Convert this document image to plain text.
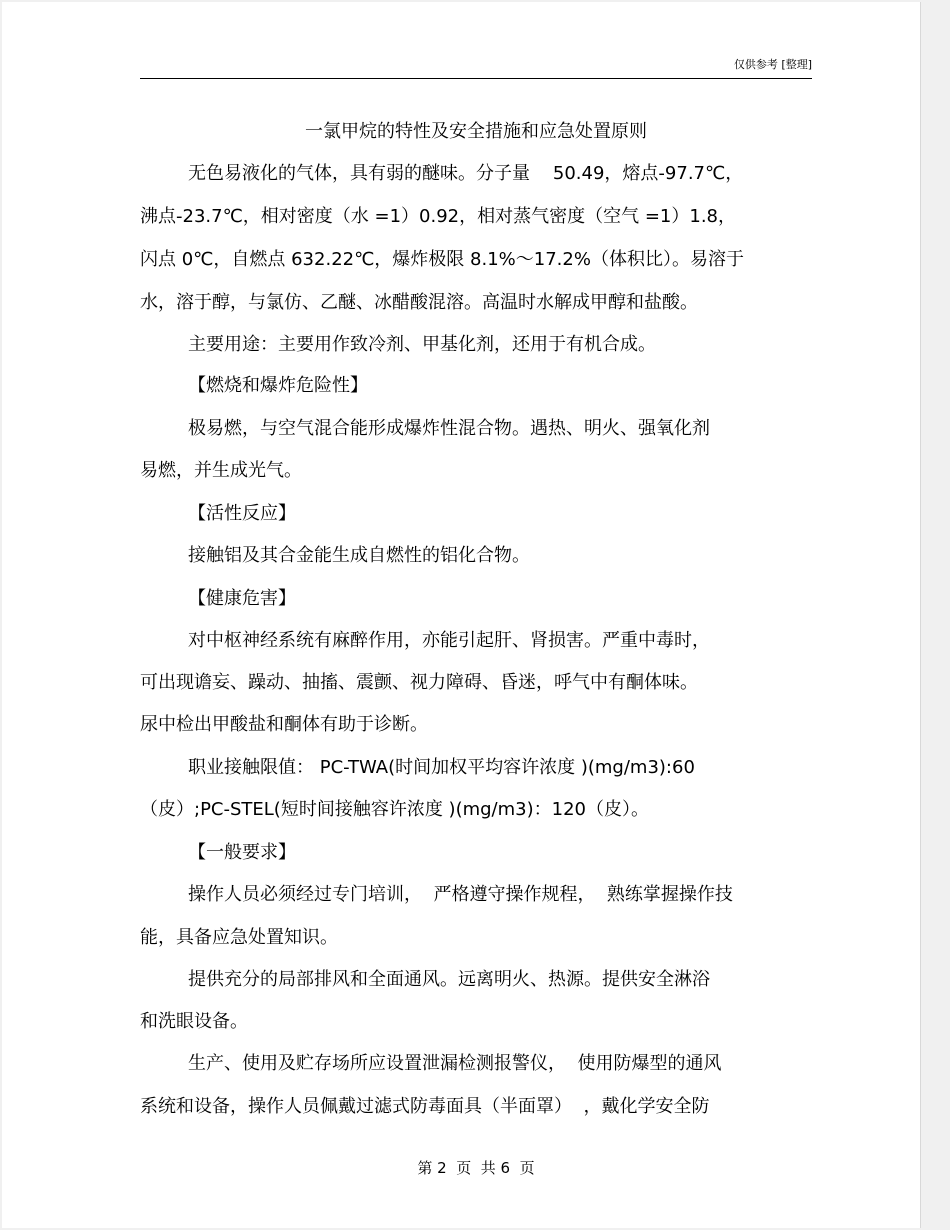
仅供参考 [整理]
一氯甲烷的特性及安全措施和应急处置原则
无色易液化的气体，具有弱的醚味。分子量    50.49，熔点-97.7℃，
沸点-23.7℃，相对密度（水 =1）0.92，相对蒸气密度（空气 =1）1.8，
闪点 0℃，自燃点 632.22℃，爆炸极限 8.1%～17.2%（体积比）。易溶于
水，溶于醇，与氯仿、乙醚、冰醋酸混溶。高温时水解成甲醇和盐酸。
主要用途：主要用作致冷剂、甲基化剂，还用于有机合成。
【燃烧和爆炸危险性】
极易燃，与空气混合能形成爆炸性混合物。遇热、明火、强氧化剂
易燃，并生成光气。
【活性反应】
接触铝及其合金能生成自燃性的铝化合物。
【健康危害】
对中枢神经系统有麻醉作用，亦能引起肝、肾损害。严重中毒时，
可出现谵妄、躁动、抽搐、震颤、视力障碍、昏迷，呼气中有酮体味。
尿中检出甲酸盐和酮体有助于诊断。
职业接触限值： PC-TWA(时间加权平均容许浓度 )(mg/m3):60
（皮）;PC-STEL(短时间接触容许浓度 )(mg/m3)：120（皮）。
【一般要求】
操作人员必须经过专门培训，  严格遵守操作规程，  熟练掌握操作技
能，具备应急处置知识。
提供充分的局部排风和全面通风。远离明火、热源。提供安全淋浴
和洗眼设备。
生产、使用及贮存场所应设置泄漏检测报警仪，  使用防爆型的通风
系统和设备，操作人员佩戴过滤式防毒面具（半面罩）  ，戴化学安全防
第 2  页  共 6  页
